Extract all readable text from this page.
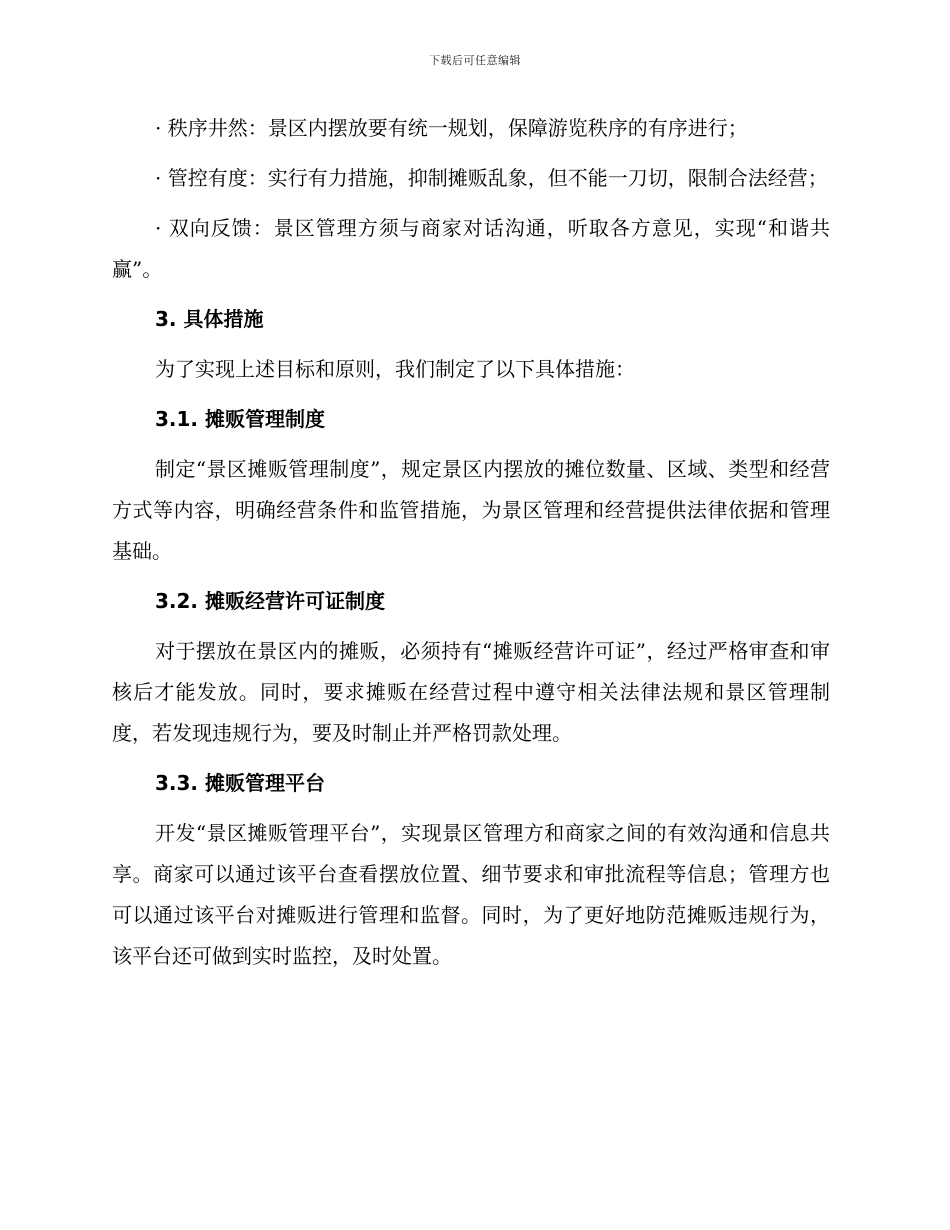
下载后可任意编辑

· 秩序井然：景区内摆放要有统一规划，保障游览秩序的有序进行；

· 管控有度：实行有力措施，抑制摊贩乱象，但不能一刀切，限制合法经营；

· 双向反馈：景区管理方须与商家对话沟通，听取各方意见，实现“和谐共赢”。

3. 具体措施

为了实现上述目标和原则，我们制定了以下具体措施：

3.1. 摊贩管理制度

制定“景区摊贩管理制度”，规定景区内摆放的摊位数量、区域、类型和经营方式等内容，明确经营条件和监管措施，为景区管理和经营提供法律依据和管理基础。

3.2. 摊贩经营许可证制度

对于摆放在景区内的摊贩，必须持有“摊贩经营许可证”，经过严格审查和审核后才能发放。同时，要求摊贩在经营过程中遵守相关法律法规和景区管理制度，若发现违规行为，要及时制止并严格罚款处理。

3.3. 摊贩管理平台

开发“景区摊贩管理平台”，实现景区管理方和商家之间的有效沟通和信息共享。商家可以通过该平台查看摆放位置、细节要求和审批流程等信息；管理方也可以通过该平台对摊贩进行管理和监督。同时，为了更好地防范摊贩违规行为，该平台还可做到实时监控，及时处置。
